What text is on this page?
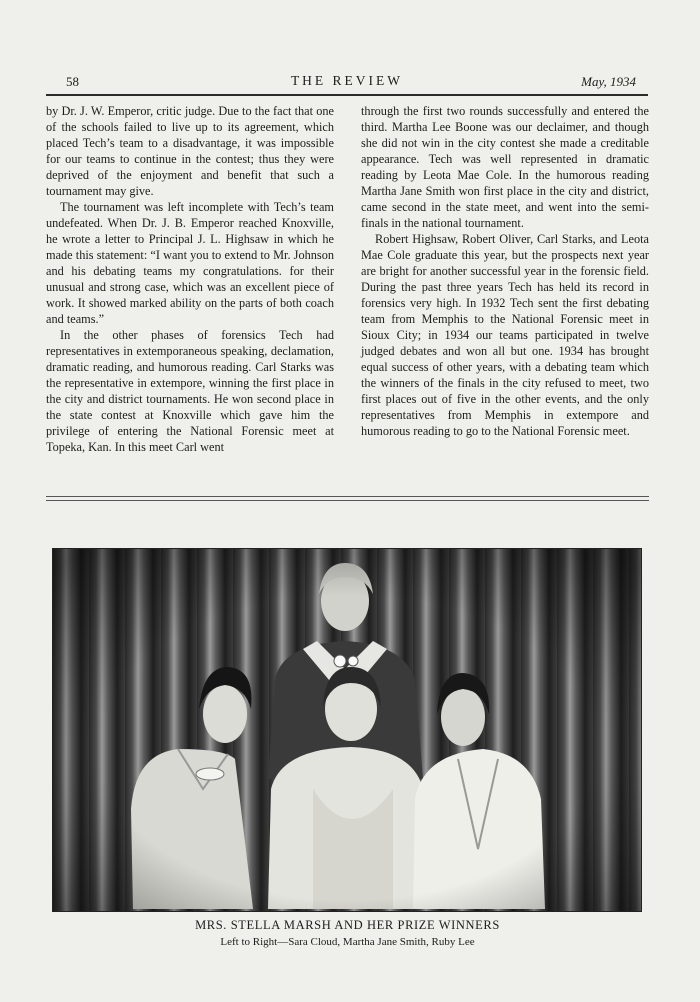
58	THE REVIEW	May, 1934

by Dr. J. W. Emperor, critic judge. Due to the fact that one of the schools failed to live up to its agreement, which placed Tech’s team to a disadvantage, it was impossible for our teams to continue in the contest; thus they were deprived of the enjoyment and benefit that such a tournament may give.

The tournament was left incomplete with Tech’s team undefeated. When Dr. J. B. Emperor reached Knoxville, he wrote a letter to Principal J. L. Highsaw in which he made this statement: “I want you to extend to Mr. Johnson and his debating teams my congratulations. for their unusual and strong case, which was an excellent piece of work. It showed marked ability on the parts of both coach and teams.”

In the other phases of forensics Tech had representatives in extemporaneous speaking, declamation, dramatic reading, and humorous reading. Carl Starks was the representative in extempore, winning the first place in the city and district tournaments. He won second place in the state contest at Knoxville which gave him the privilege of entering the National Forensic meet at Topeka, Kan. In this meet Carl went

through the first two rounds successfully and entered the third. Martha Lee Boone was our declaimer, and though she did not win in the city contest she made a creditable appearance. Tech was well represented in dramatic reading by Leota Mae Cole. In the humorous reading Martha Jane Smith won first place in the city and district, came second in the state meet, and went into the semi-finals in the national tournament.

Robert Highsaw, Robert Oliver, Carl Starks, and Leota Mae Cole graduate this year, but the prospects next year are bright for another successful year in the forensic field. During the past three years Tech has held its record in forensics very high. In 1932 Tech sent the first debating team from Memphis to the National Forensic meet in Sioux City; in 1934 our teams participated in twelve judged debates and won all but one. 1934 has brought equal success of other years, with a debating team which the winners of the finals in the city refused to meet, two first places out of five in the other events, and the only representatives from Memphis in extempore and humorous reading to go to the National Forensic meet.

MRS. STELLA MARSH AND HER PRIZE WINNERS
Left to Right—Sara Cloud, Martha Jane Smith, Ruby Lee
